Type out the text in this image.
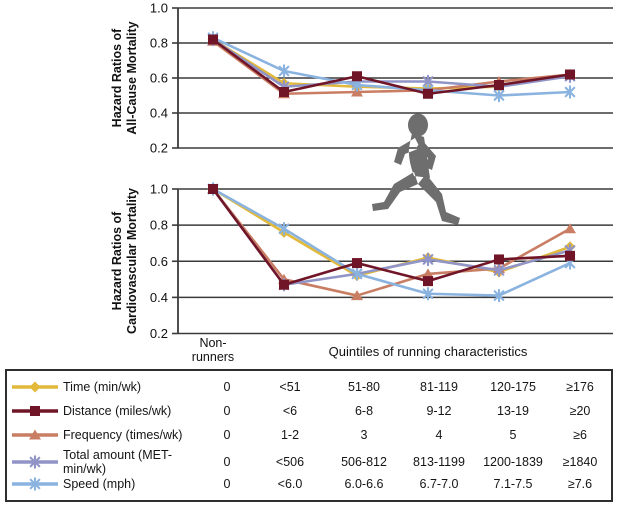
Hazard Ratios of All-Cause Mortality
Hazard Ratios of Cardiovascular Mortality
1.0
0.8
0.6
0.4
0.2
1.0
0.8
0.6
0.4
0.2
Non-
runners	Quintiles of running characteristics
Time (min/wk)	0	<51	51-80	81-119	120-175	≥176
Distance (miles/wk)	0	<6	6-8	9-12	13-19	≥20
Frequency (times/wk)	0	1-2	3	4	5	≥6
Total amount (MET-min/wk)	0	<506	506-812	813-1199	1200-1839	≥1840
Speed (mph)	0	<6.0	6.0-6.6	6.7-7.0	7.1-7.5	≥7.6
